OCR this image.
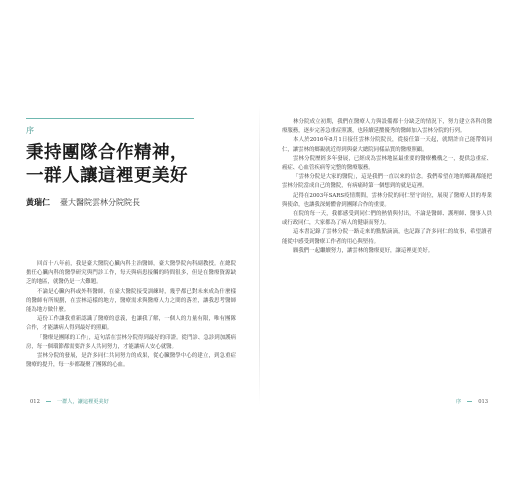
序
秉持團隊合作精神，
一群人讓這裡更美好
黃瑞仁 臺大醫院雲林分院院長

回首十八年前，我是臺大醫院心臟內科主治醫師，臺大醫學院內科副教授。在總院擔任心臟內科的醫學研究與門診工作，每天與病患接觸的時間很多，但是在醫療資源缺乏的地區，就醫仍是一大難題。

不論是心臟內科或外科醫師，在臺大醫院接受訓練時，幾乎都已對未來成為什麼樣的醫師有所規劃，在雲林這樣的地方，醫療需求與醫療人力之間的落差，讓我思考醫師能為地方做什麼。

這份工作讓我重新認識了醫療的意義，也讓我了解，一個人的力量有限，唯有團隊合作，才能讓病人得到最好的照顧。

「醫療是團隊的工作」，這句話在雲林分院得到最好的印證。從門診、急診到加護病房，每一個環節都需要許多人共同努力，才能讓病人安心就醫。

雲林分院的發展，是許多同仁共同努力的成果，從心臟醫學中心的建立，到急重症醫療的提升，每一步都凝聚了團隊的心血。

林分院成立初期，我們在醫療人力與設備都十分缺乏的情況下，努力建立各科的醫療服務，逐步完善急重症照護，也陸續延攬優秀的醫師加入雲林分院的行列。

本人於2016年8月1日接任雲林分院院長，從接任第一天起，就期許自己能帶領同仁，讓雲林的鄉親就近得到與臺大總院同樣品質的醫療照顧。

雲林分院歷經多年發展，已經成為雲林地區最重要的醫療機構之一，提供急重症、癌症、心血管疾病等完整的醫療服務。

「雲林分院是大家的醫院」，這是我們一直以來的信念。我們希望在地的鄉親都能把雲林分院當成自己的醫院，有病痛時第一個想到的就是這裡。

記得在2003年SARS疫情期間，雲林分院的同仁堅守崗位，展現了醫療人員的專業與使命，也讓我深刻體會到團隊合作的重要。

在院的每一天，我都感受到同仁們的熱情與付出，不論是醫師、護理師、醫事人員或行政同仁，大家都為了病人的健康而努力。

這本書記錄了雲林分院一路走來的點點滴滴，也記錄了許多同仁的故事，希望讀者能從中感受到醫療工作者的用心與堅持。

願我們一起繼續努力，讓雲林的醫療更好，讓這裡更美好。

012	一群人，讓這裡更美好	序	013
